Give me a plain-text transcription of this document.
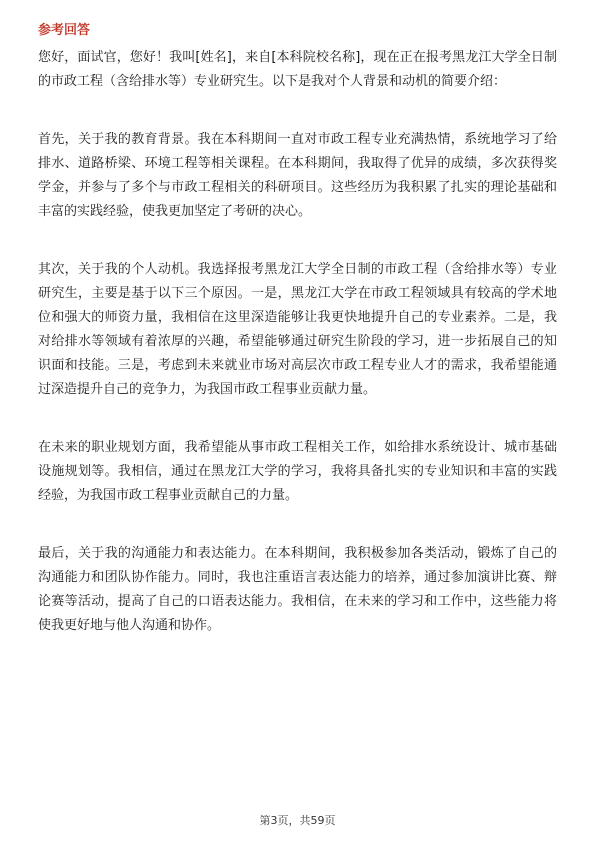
参考回答

您好，面试官，您好！我叫[姓名]，来自[本科院校名称]，现在正在报考黑龙江大学全日制的市政工程（含给排水等）专业研究生。以下是我对个人背景和动机的简要介绍：

首先，关于我的教育背景。我在本科期间一直对市政工程专业充满热情，系统地学习了给排水、道路桥梁、环境工程等相关课程。在本科期间，我取得了优异的成绩，多次获得奖学金，并参与了多个与市政工程相关的科研项目。这些经历为我积累了扎实的理论基础和丰富的实践经验，使我更加坚定了考研的决心。

其次，关于我的个人动机。我选择报考黑龙江大学全日制的市政工程（含给排水等）专业研究生，主要是基于以下三个原因。一是，黑龙江大学在市政工程领域具有较高的学术地位和强大的师资力量，我相信在这里深造能够让我更快地提升自己的专业素养。二是，我对给排水等领域有着浓厚的兴趣，希望能够通过研究生阶段的学习，进一步拓展自己的知识面和技能。三是，考虑到未来就业市场对高层次市政工程专业人才的需求，我希望能通过深造提升自己的竞争力，为我国市政工程事业贡献力量。

在未来的职业规划方面，我希望能从事市政工程相关工作，如给排水系统设计、城市基础设施规划等。我相信，通过在黑龙江大学的学习，我将具备扎实的专业知识和丰富的实践经验，为我国市政工程事业贡献自己的力量。

最后，关于我的沟通能力和表达能力。在本科期间，我积极参加各类活动，锻炼了自己的沟通能力和团队协作能力。同时，我也注重语言表达能力的培养，通过参加演讲比赛、辩论赛等活动，提高了自己的口语表达能力。我相信，在未来的学习和工作中，这些能力将使我更好地与他人沟通和协作。

第3页，共59页
